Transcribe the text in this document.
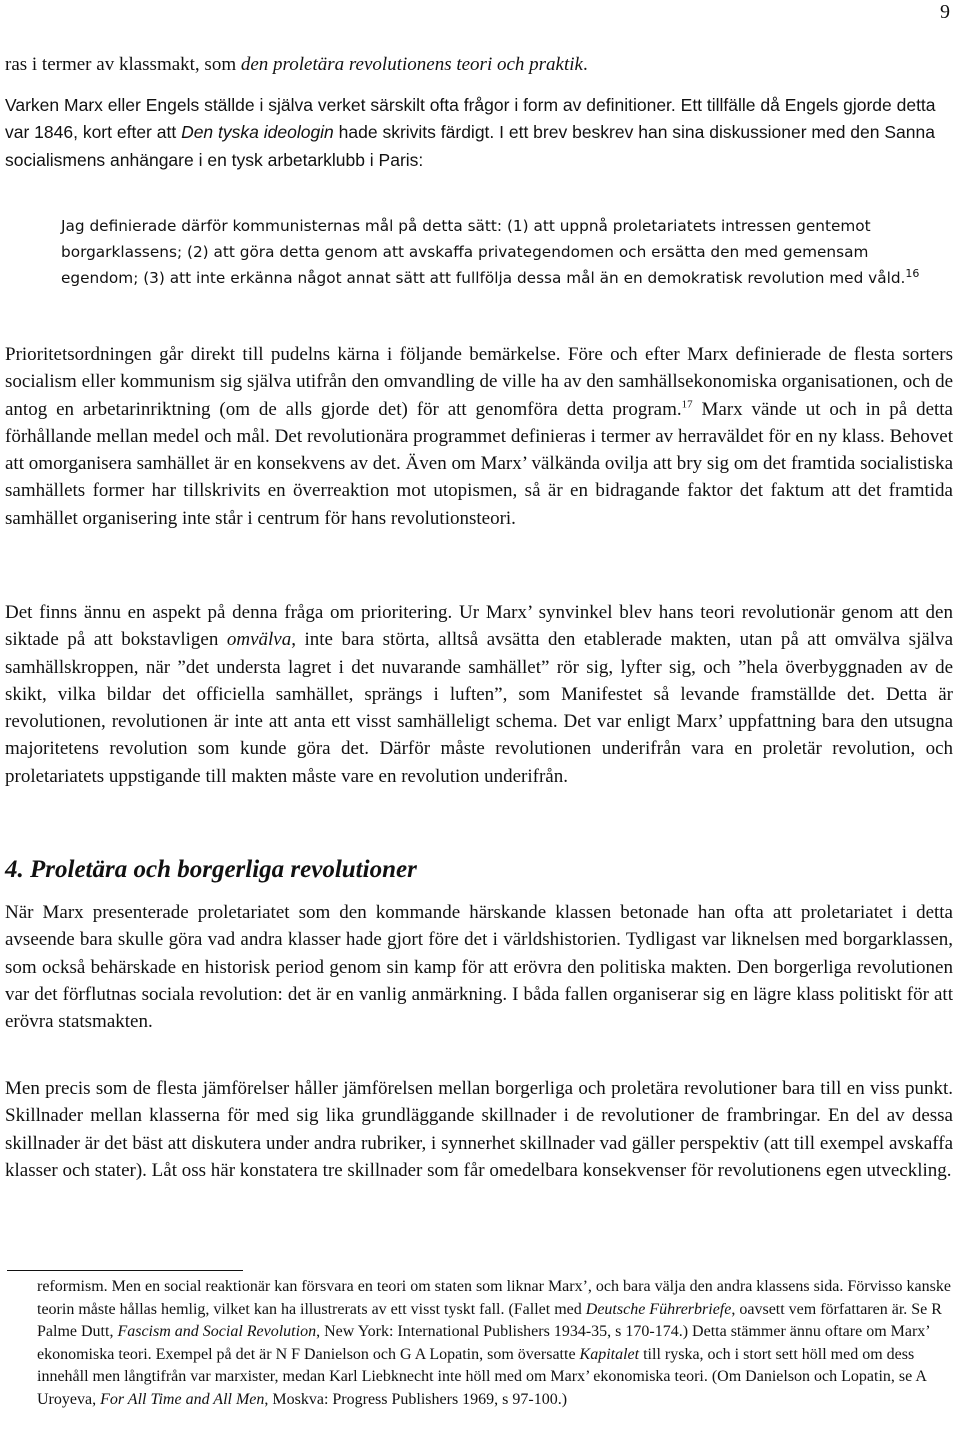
9

ras i termer av klassmakt, som den proletära revolutionens teori och praktik.

Varken Marx eller Engels ställde i själva verket särskilt ofta frågor i form av definitioner. Ett tillfälle då Engels gjorde detta var 1846, kort efter att Den tyska ideologin hade skrivits färdigt. I ett brev beskrev han sina diskussioner med den Sanna socialismens anhängare i en tysk arbetarklubb i Paris:

Jag definierade därför kommunisternas mål på detta sätt: (1) att uppnå proletariatets intressen gentemot borgarklassens; (2) att göra detta genom att avskaffa privategendomen och ersätta den med gemensam egendom; (3) att inte erkänna något annat sätt att fullfölja dessa mål än en demokratisk revolution med våld.$^{16}$

Prioritetsordningen går direkt till pudelns kärna i följande bemärkelse. Före och efter Marx definierade de flesta sorters socialism eller kommunism sig själva utifrån den omvandling de ville ha av den samhällsekonomiska organisationen, och de antog en arbetarinriktning (om de alls gjorde det) för att genomföra detta program.$^{17}$ Marx vände ut och in på detta förhållande mellan medel och mål. Det revolutionära programmet definieras i termer av herraväldet för en ny klass. Behovet att omorganisera samhället är en konsekvens av det. Även om Marx’ välkända ovilja att bry sig om det framtida socialistiska samhällets former har tillskrivits en överreaktion mot utopismen, så är en bidragande faktor det faktum att det framtida samhället organisering inte står i centrum för hans revolutionsteori.

Det finns ännu en aspekt på denna fråga om prioritering. Ur Marx’ synvinkel blev hans teori revolutionär genom att den siktade på att bokstavligen omvälva, inte bara störta, alltså avsätta den etablerade makten, utan på att omvälva själva samhällskroppen, när ”det understa lagret i det nuvarande samhället” rör sig, lyfter sig, och ”hela överbyggnaden av de skikt, vilka bildar det officiella samhället, sprängs i luften”, som Manifestet så levande framställde det. Detta är revolutionen, revolutionen är inte att anta ett visst samhälleligt schema. Det var enligt Marx’ uppfattning bara den utsugna majoritetens revolution som kunde göra det. Därför måste revolutionen underifrån vara en proletär revolution, och proletariatets uppstigande till makten måste vare en revolution underifrån.

4. Proletära och borgerliga revolutioner

När Marx presenterade proletariatet som den kommande härskande klassen betonade han ofta att proletariatet i detta avseende bara skulle göra vad andra klasser hade gjort före det i världshistorien. Tydligast var liknelsen med borgarklassen, som också behärskade en historisk period genom sin kamp för att erövra den politiska makten. Den borgerliga revolutionen var det förflutnas sociala revolution: det är en vanlig anmärkning. I båda fallen organiserar sig en lägre klass politiskt för att erövra statsmakten.

Men precis som de flesta jämförelser håller jämförelsen mellan borgerliga och proletära revolutioner bara till en viss punkt. Skillnader mellan klasserna för med sig lika grundläggande skillnader i de revolutioner de frambringar. En del av dessa skillnader är det bäst att diskutera under andra rubriker, i synnerhet skillnader vad gäller perspektiv (att till exempel avskaffa klasser och stater). Låt oss här konstatera tre skillnader som får omedelbara konsekvenser för revolutionens egen utveckling.

reformism. Men en social reaktionär kan försvara en teori om staten som liknar Marx’, och bara välja den andra klassens sida. Förvisso kanske teorin måste hållas hemlig, vilket kan ha illustrerats av ett visst tyskt fall. (Fallet med Deutsche Führerbriefe, oavsett vem författaren är. Se R Palme Dutt, Fascism and Social Revolution, New York: International Publishers 1934-35, s 170-174.) Detta stämmer ännu oftare om Marx’ ekonomiska teori. Exempel på det är N F Danielson och G A Lopatin, som översatte Kapitalet till ryska, och i stort sett höll med om dess innehåll men långtifrån var marxister, medan Karl Liebknecht inte höll med om Marx’ ekonomiska teori. (Om Danielson och Lopatin, se A Uroyeva, For All Time and All Men, Moskva: Progress Publishers 1969, s 97-100.)
